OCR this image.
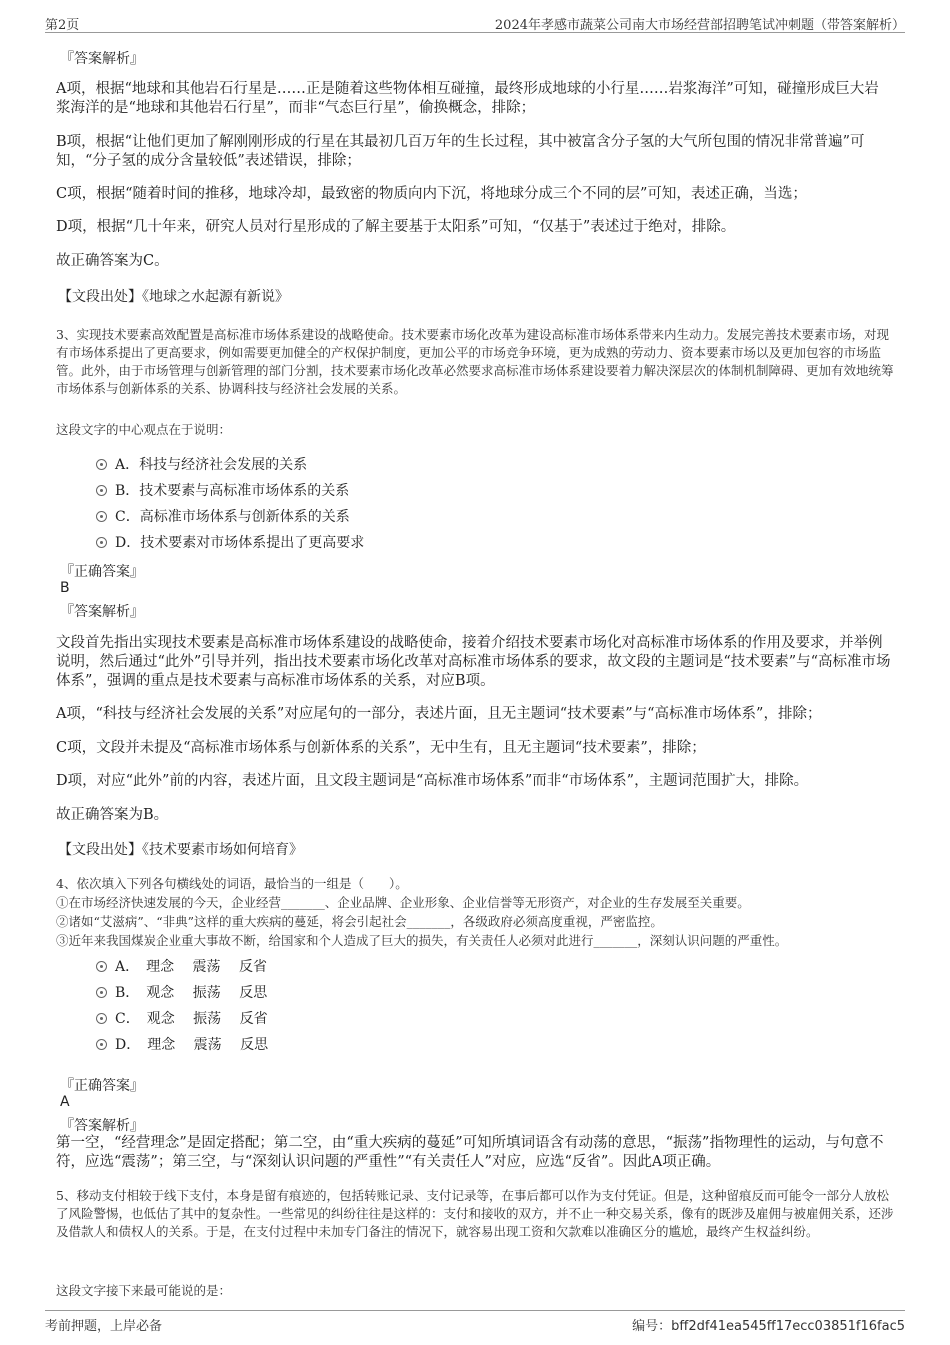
第2页	2024年孝感市蔬菜公司南大市场经营部招聘笔试冲刺题（带答案解析）
『答案解析』
A项，根据“地球和其他岩石行星是……正是随着这些物体相互碰撞，最终形成地球的小行星……岩浆海洋”可知，碰撞形成巨大岩浆海洋的是“地球和其他岩石行星”，而非“气态巨行星”，偷换概念，排除；
B项，根据“让他们更加了解刚刚形成的行星在其最初几百万年的生长过程，其中被富含分子氢的大气所包围的情况非常普遍”可知，“分子氢的成分含量较低”表述错误，排除；
C项，根据“随着时间的推移，地球冷却，最致密的物质向内下沉，将地球分成三个不同的层”可知，表述正确，当选；
D项，根据“几十年来，研究人员对行星形成的了解主要基于太阳系”可知，“仅基于”表述过于绝对，排除。
故正确答案为C。
【文段出处】《地球之水起源有新说》
3、实现技术要素高效配置是高标准市场体系建设的战略使命。技术要素市场化改革为建设高标准市场体系带来内生动力。发展完善技术要素市场，对现有市场体系提出了更高要求，例如需要更加健全的产权保护制度，更加公平的市场竞争环境，更为成熟的劳动力、资本要素市场以及更加包容的市场监管。此外，由于市场管理与创新管理的部门分割，技术要素市场化改革必然要求高标准市场体系建设要着力解决深层次的体制机制障碍、更加有效地统筹市场体系与创新体系的关系、协调科技与经济社会发展的关系。
这段文字的中心观点在于说明：
A．科技与经济社会发展的关系
B．技术要素与高标准市场体系的关系
C．高标准市场体系与创新体系的关系
D．技术要素对市场体系提出了更高要求
『正确答案』
B
『答案解析』
文段首先指出实现技术要素是高标准市场体系建设的战略使命，接着介绍技术要素市场化对高标准市场体系的作用及要求，并举例说明，然后通过“此外”引导并列，指出技术要素市场化改革对高标准市场体系的要求，故文段的主题词是“技术要素”与“高标准市场体系”，强调的重点是技术要素与高标准市场体系的关系，对应B项。
A项，“科技与经济社会发展的关系”对应尾句的一部分，表述片面，且无主题词“技术要素”与“高标准市场体系”，排除；
C项，文段并未提及“高标准市场体系与创新体系的关系”，无中生有，且无主题词“技术要素”，排除；
D项，对应“此外”前的内容，表述片面，且文段主题词是“高标准市场体系”而非“市场体系”，主题词范围扩大，排除。
故正确答案为B。
【文段出处】《技术要素市场如何培育》
4、依次填入下列各句横线处的词语，最恰当的一组是（　　）。
①在市场经济快速发展的今天，企业经营_______、企业品牌、企业形象、企业信誉等无形资产，对企业的生存发展至关重要。
②诸如“艾滋病”、“非典”这样的重大疾病的蔓延，将会引起社会_______，各级政府必须高度重视，严密监控。
③近年来我国煤炭企业重大事故不断，给国家和个人造成了巨大的损失，有关责任人必须对此进行_______，深刻认识问题的严重性。
A．　理念　 震荡　 反省
B．　观念　 振荡　 反思
C．　观念　 振荡　 反省
D．　理念　 震荡　 反思
『正确答案』
A
『答案解析』
第一空，“经营理念”是固定搭配；第二空，由“重大疾病的蔓延”可知所填词语含有动荡的意思，“振荡”指物理性的运动，与句意不符，应选“震荡”；第三空，与“深刻认识问题的严重性”“有关责任人”对应，应选“反省”。因此A项正确。
5、移动支付相较于线下支付，本身是留有痕迹的，包括转账记录、支付记录等，在事后都可以作为支付凭证。但是，这种留痕反而可能令一部分人放松了风险警惕，也低估了其中的复杂性。一些常见的纠纷往往是这样的：支付和接收的双方，并不止一种交易关系，像有的既涉及雇佣与被雇佣关系，还涉及借款人和债权人的关系。于是，在支付过程中未加专门备注的情况下，就容易出现工资和欠款难以准确区分的尴尬，最终产生权益纠纷。
这段文字接下来最可能说的是：
考前押题，上岸必备	编号：bff2df41ea545ff17ecc03851f16fac5
